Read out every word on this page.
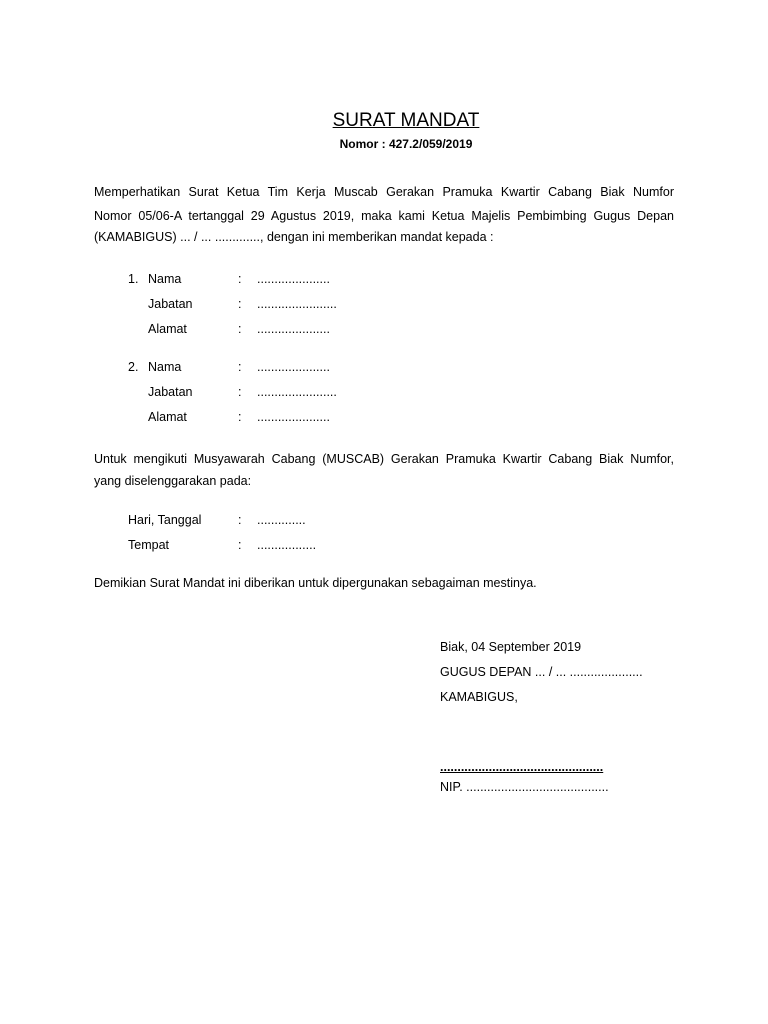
SURAT MANDAT
Nomor : 427.2/059/2019
Memperhatikan Surat Ketua Tim Kerja Muscab Gerakan Pramuka Kwartir Cabang Biak Numfor
Nomor 05/06-A tertanggal 29 Agustus 2019, maka kami Ketua Majelis Pembimbing Gugus Depan
(KAMABIGUS) ... / ... ............., dengan ini memberikan mandat kepada :
1. Nama	: .....................
Jabatan	: .......................
Alamat	: .....................
2. Nama	: .....................
Jabatan	: .......................
Alamat	: .....................
Untuk mengikuti Musyawarah Cabang (MUSCAB) Gerakan Pramuka Kwartir Cabang Biak Numfor,
yang diselenggarakan pada:
Hari, Tanggal	: ..............
Tempat	: .................
Demikian Surat Mandat ini diberikan untuk dipergunakan sebagaiman mestinya.
Biak, 04 September 2019
GUGUS DEPAN ... / ... .....................
KAMABIGUS,
...............................................
NIP. .........................................
